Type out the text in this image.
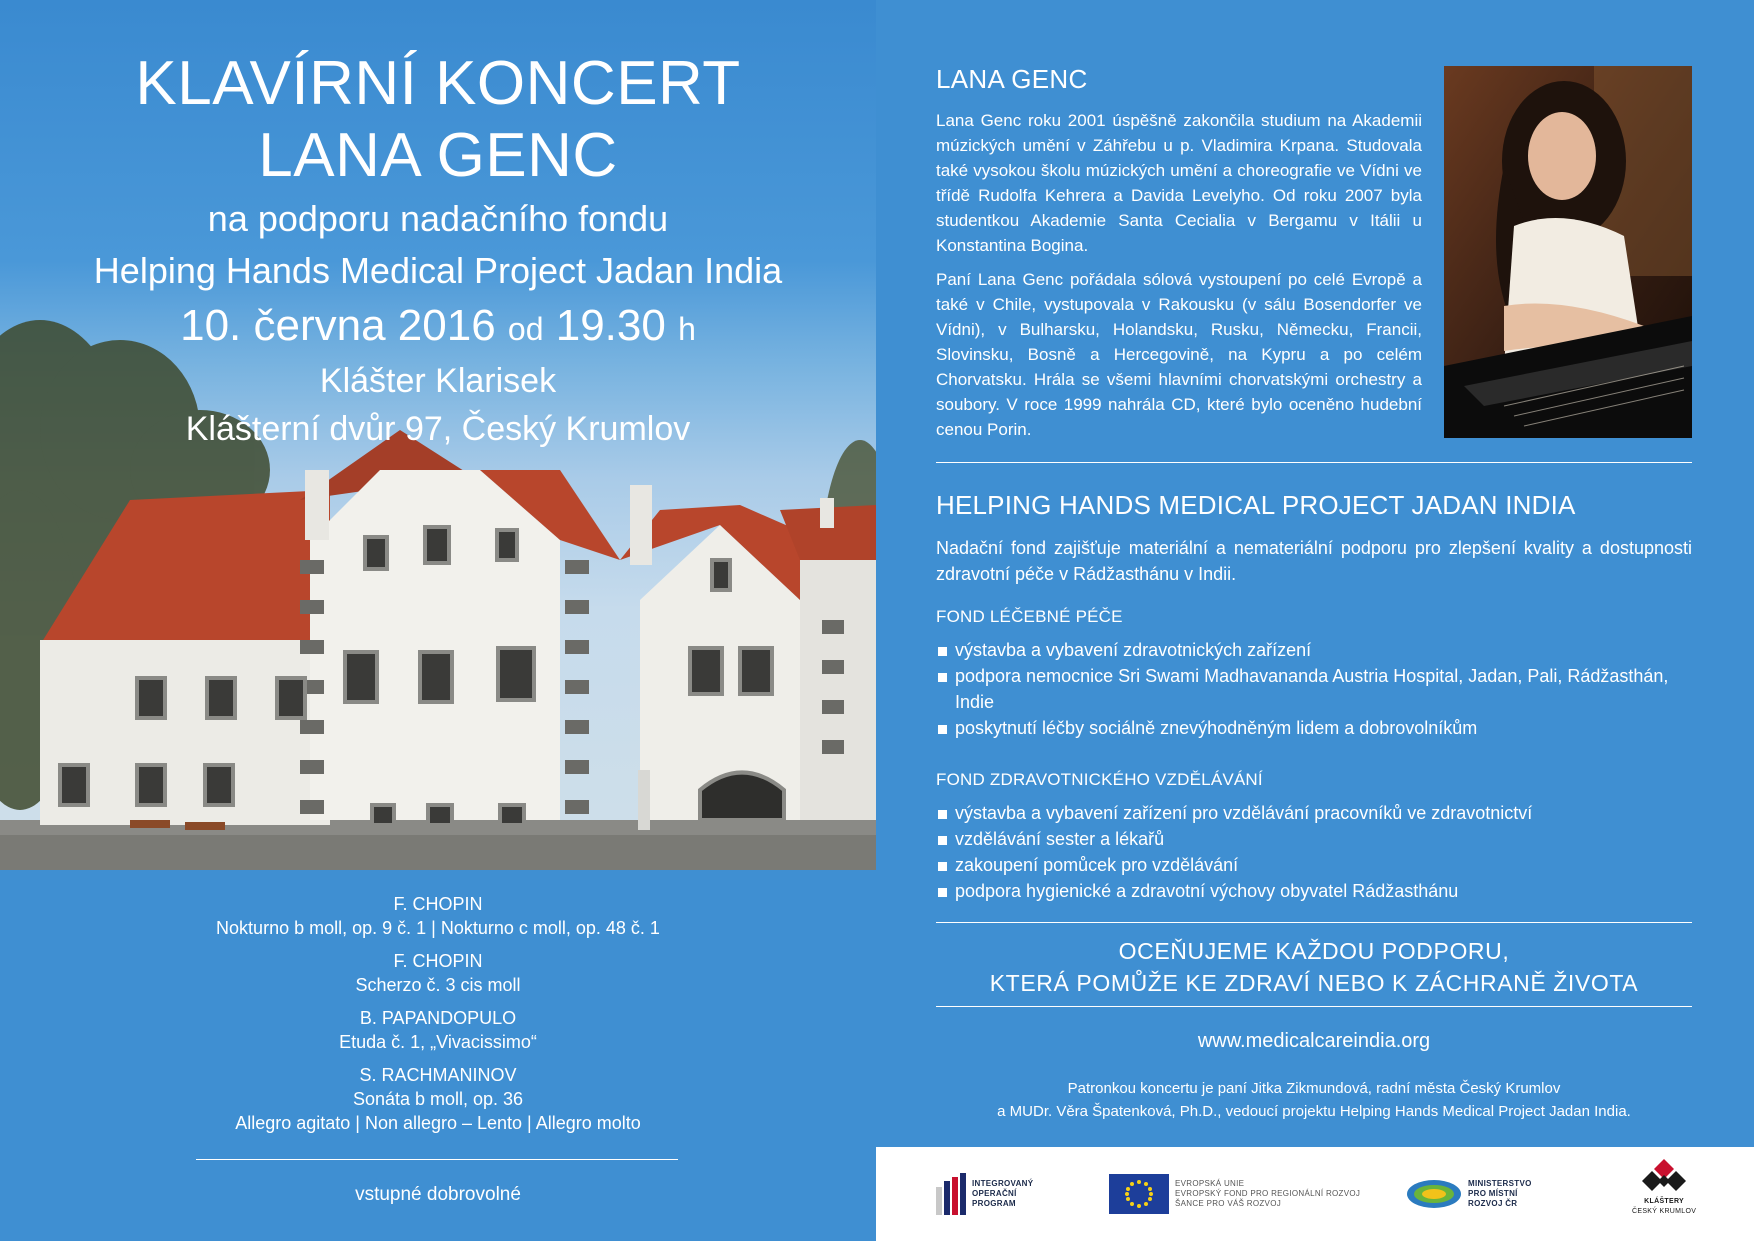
KLAVÍRNÍ KONCERT
LANA GENC
na podporu nadačního fondu
Helping Hands Medical Project Jadan India
10. června 2016 od 19.30 h
Klášter Klarisek
Klášterní dvůr 97, Český Krumlov
F. CHOPIN
Nokturno b moll, op. 9 č. 1 | Nokturno c moll, op. 48 č. 1
F. CHOPIN
Scherzo č. 3 cis moll
B. PAPANDOPULO
Etuda č. 1, „Vivacissimo“
S. RACHMANINOV
Sonáta b moll, op. 36
Allegro agitato | Non allegro – Lento | Allegro molto
vstupné dobrovolné
LANA GENC

Lana Genc roku 2001 úspěšně zakončila studium na Akademii múzických umění v Záhřebu u p. Vladimira Krpana. Studovala také vysokou školu múzických umění a choreografie ve Vídni ve třídě Rudolfa Kehrera a Davida Levelyho. Od roku 2007 byla studentkou Akademie Santa Cecialia v Bergamu v Itálii u Konstantina Bogina.

Paní Lana Genc pořádala sólová vystoupení po celé Evropě a také v Chile, vystupovala v Rakousku (v sálu Bosendorfer ve Vídni), v Bulharsku, Holandsku, Rusku, Německu, Francii, Slovinsku, Bosně a Hercegovině, na Kypru a po celém Chorvatsku. Hrála se všemi hlavními chorvatskými orchestry a soubory. V roce 1999 nahrála CD, které bylo oceněno hudební cenou Porin.

HELPING HANDS MEDICAL PROJECT JADAN INDIA
Nadační fond zajišťuje materiální a nemateriální podporu pro zlepšení kvality a dostupnosti zdravotní péče v Rádžasthánu v Indii.
FOND LÉČEBNÉ PÉČE
výstavba a vybavení zdravotnických zařízení
podpora nemocnice Sri Swami Madhavananda Austria Hospital, Jadan, Pali, Rádžasthán, Indie
poskytnutí léčby sociálně znevýhodněným lidem a dobrovolníkům
FOND ZDRAVOTNICKÉHO VZDĚLÁVÁNÍ
výstavba a vybavení zařízení pro vzdělávání pracovníků ve zdravotnictví
vzdělávání sester a lékařů
zakoupení pomůcek pro vzdělávání
podpora hygienické a zdravotní výchovy obyvatel Rádžasthánu
OCEŇUJEME KAŽDOU PODPORU,
KTERÁ POMŮŽE KE ZDRAVÍ NEBO K ZÁCHRANĚ ŽIVOTA
www.medicalcareindia.org
Patronkou koncertu je paní Jitka Zikmundová, radní města Český Krumlov
a MUDr. Věra Špatenková, Ph.D., vedoucí projektu Helping Hands Medical Project Jadan India.
INTEGROVANÝ
OPERAČNÍ
PROGRAM
EVROPSKÁ UNIE
EVROPSKÝ FOND PRO REGIONÁLNÍ ROZVOJ
ŠANCE PRO VÁŠ ROZVOJ
MINISTERSTVO
PRO MÍSTNÍ
ROZVOJ ČR	KLÁŠTERY
ČESKÝ KRUMLOV
